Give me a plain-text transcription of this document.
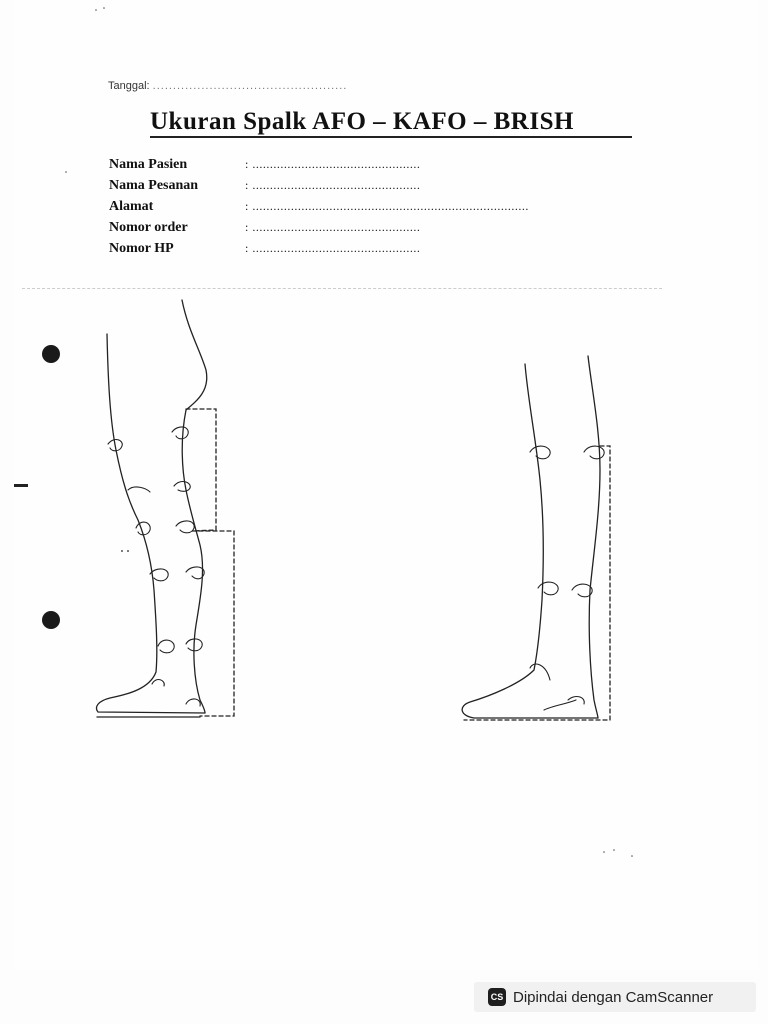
Tanggal: ................................................
Ukuran Spalk AFO – KAFO – BRISH
Nama Pasien	: ................................................
Nama Pesanan	: ................................................
Alamat	: ...............................................................................
Nomor order	: ................................................
Nomor HP	: ................................................
CS Dipindai dengan CamScanner
